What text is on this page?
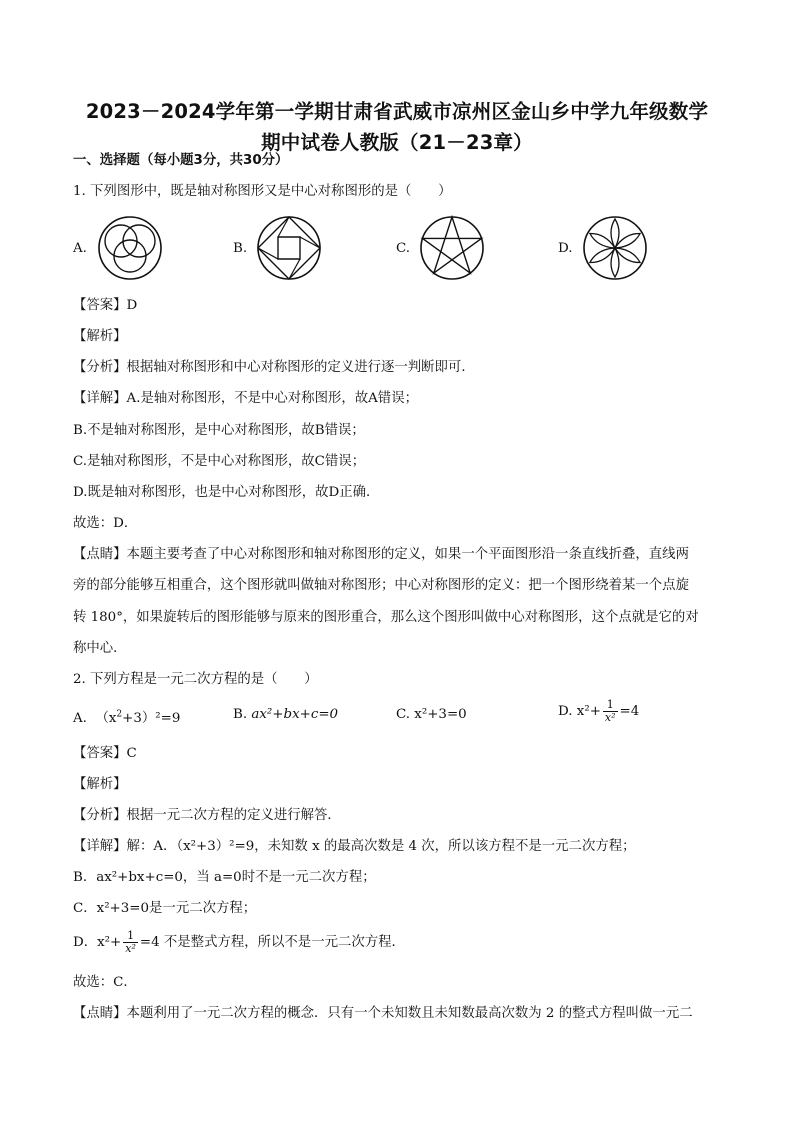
2023－2024学年第一学期甘肃省武威市凉州区金山乡中学九年级数学
期中试卷人教版（21－23章）
一、选择题（每小题3分，共30分）
1. 下列图形中，既是轴对称图形又是中心对称图形的是（　　）
A.	B.	C.	D.
【答案】D
【解析】
【分析】根据轴对称图形和中心对称图形的定义进行逐一判断即可．
【详解】A.是轴对称图形，不是中心对称图形，故A错误；
B.不是轴对称图形，是中心对称图形，故B错误；
C.是轴对称图形，不是中心对称图形，故C错误；
D.既是轴对称图形，也是中心对称图形，故D正确．
故选：D．
【点睛】本题主要考查了中心对称图形和轴对称图形的定义，如果一个平面图形沿一条直线折叠，直线两
旁的部分能够互相重合，这个图形就叫做轴对称图形；中心对称图形的定义：把一个图形绕着某一个点旋
转 180°，如果旋转后的图形能够与原来的图形重合，那么这个图形叫做中心对称图形，这个点就是它的对
称中心．
2. 下列方程是一元二次方程的是（　　）
A. $(x^2+3)^2=9$	B. ax²+bx+c=0	C. x²+3=0	D. $x^2+ \frac{1}{\text{x²}} =4$
【答案】C
【解析】
【分析】根据一元二次方程的定义进行解答．
【详解】解：A．（x²+3）²=9，未知数 x 的最高次数是 4 次，所以该方程不是一元二次方程；
B．ax²+bx+c=0，当 a=0时不是一元二次方程；
C．x²+3=0是一元二次方程；
D．$x^2+ \frac{1}{\text{x²}} =4$ 不是整式方程，所以不是一元二次方程．
故选：C．
【点睛】本题利用了一元二次方程的概念．只有一个未知数且未知数最高次数为 2 的整式方程叫做一元二
